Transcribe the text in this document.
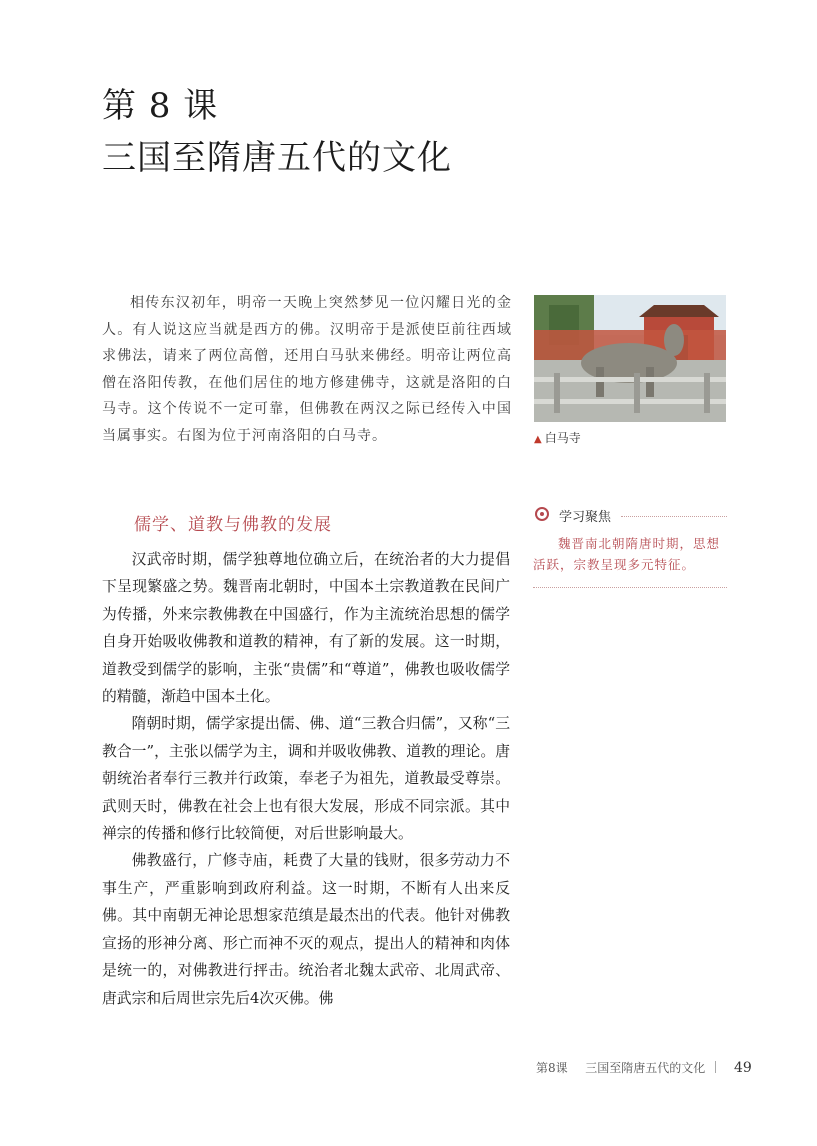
第 8 课
三国至隋唐五代的文化

相传东汉初年，明帝一天晚上突然梦见一位闪耀日光的金人。有人说这应当就是西方的佛。汉明帝于是派使臣前往西域求佛法，请来了两位高僧，还用白马驮来佛经。明帝让两位高僧在洛阳传教，在他们居住的地方修建佛寺，这就是洛阳的白马寺。这个传说不一定可靠，但佛教在两汉之际已经传入中国当属事实。右图为位于河南洛阳的白马寺。	▲ 白马寺

儒学、道教与佛教的发展

汉武帝时期，儒学独尊地位确立后，在统治者的大力提倡下呈现繁盛之势。魏晋南北朝时，中国本土宗教道教在民间广为传播，外来宗教佛教在中国盛行，作为主流统治思想的儒学自身开始吸收佛教和道教的精神，有了新的发展。这一时期，道教受到儒学的影响，主张“贵儒”和“尊道”，佛教也吸收儒学的精髓，渐趋中国本土化。

隋朝时期，儒学家提出儒、佛、道“三教合归儒”，又称“三教合一”，主张以儒学为主，调和并吸收佛教、道教的理论。唐朝统治者奉行三教并行政策，奉老子为祖先，道教最受尊崇。武则天时，佛教在社会上也有很大发展，形成不同宗派。其中禅宗的传播和修行比较简便，对后世影响最大。

佛教盛行，广修寺庙，耗费了大量的钱财，很多劳动力不事生产，严重影响到政府利益。这一时期，不断有人出来反佛。其中南朝无神论思想家范缜是最杰出的代表。他针对佛教宣扬的形神分离、形亡而神不灭的观点，提出人的精神和肉体是统一的，对佛教进行抨击。统治者北魏太武帝、北周武帝、唐武宗和后周世宗先后4次灭佛。佛

学习聚焦

魏晋南北朝隋唐时期，思想活跃，宗教呈现多元特征。

第8课 三国至隋唐五代的文化 49
